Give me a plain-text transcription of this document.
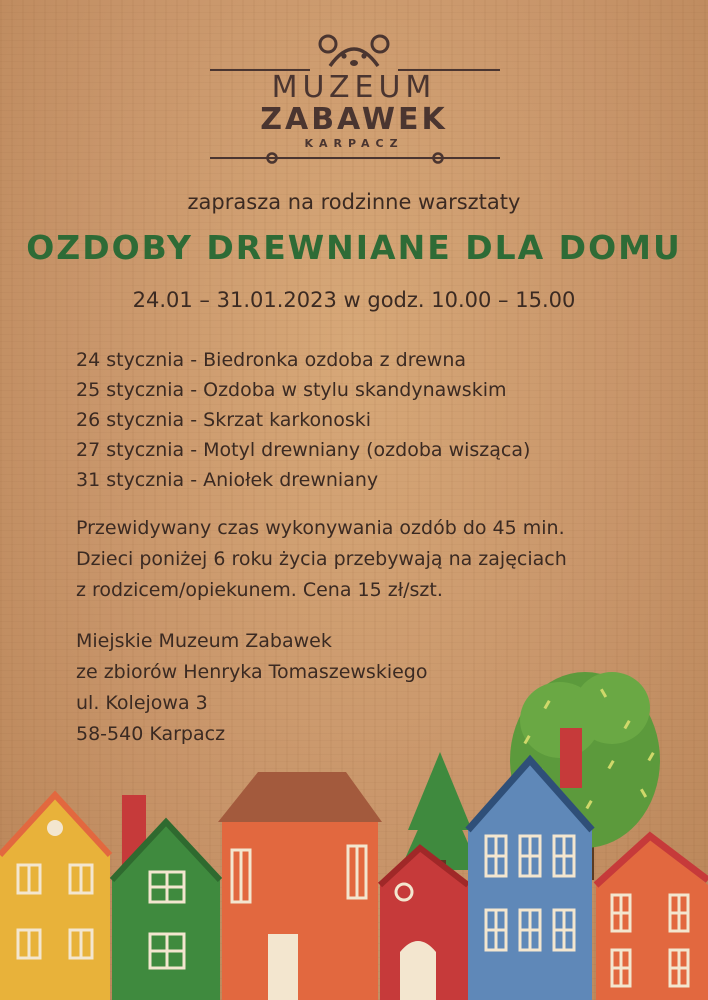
MUZEUM
ZABAWEK
KARPACZ
zaprasza na rodzinne warsztaty
OZDOBY DREWNIANE DLA DOMU
24.01 – 31.01.2023 w godz. 10.00 – 15.00
24 stycznia - Biedronka ozdoba z drewna
25 stycznia - Ozdoba w stylu skandynawskim
26 stycznia - Skrzat karkonoski
27 stycznia - Motyl drewniany (ozdoba wisząca)
31 stycznia - Aniołek drewniany
Przewidywany czas wykonywania ozdób do 45 min.
Dzieci poniżej 6 roku życia przebywają na zajęciach
z rodzicem/opiekunem. Cena 15 zł/szt.
Miejskie Muzeum Zabawek
ze zbiorów Henryka Tomaszewskiego
ul. Kolejowa 3
58-540 Karpacz
